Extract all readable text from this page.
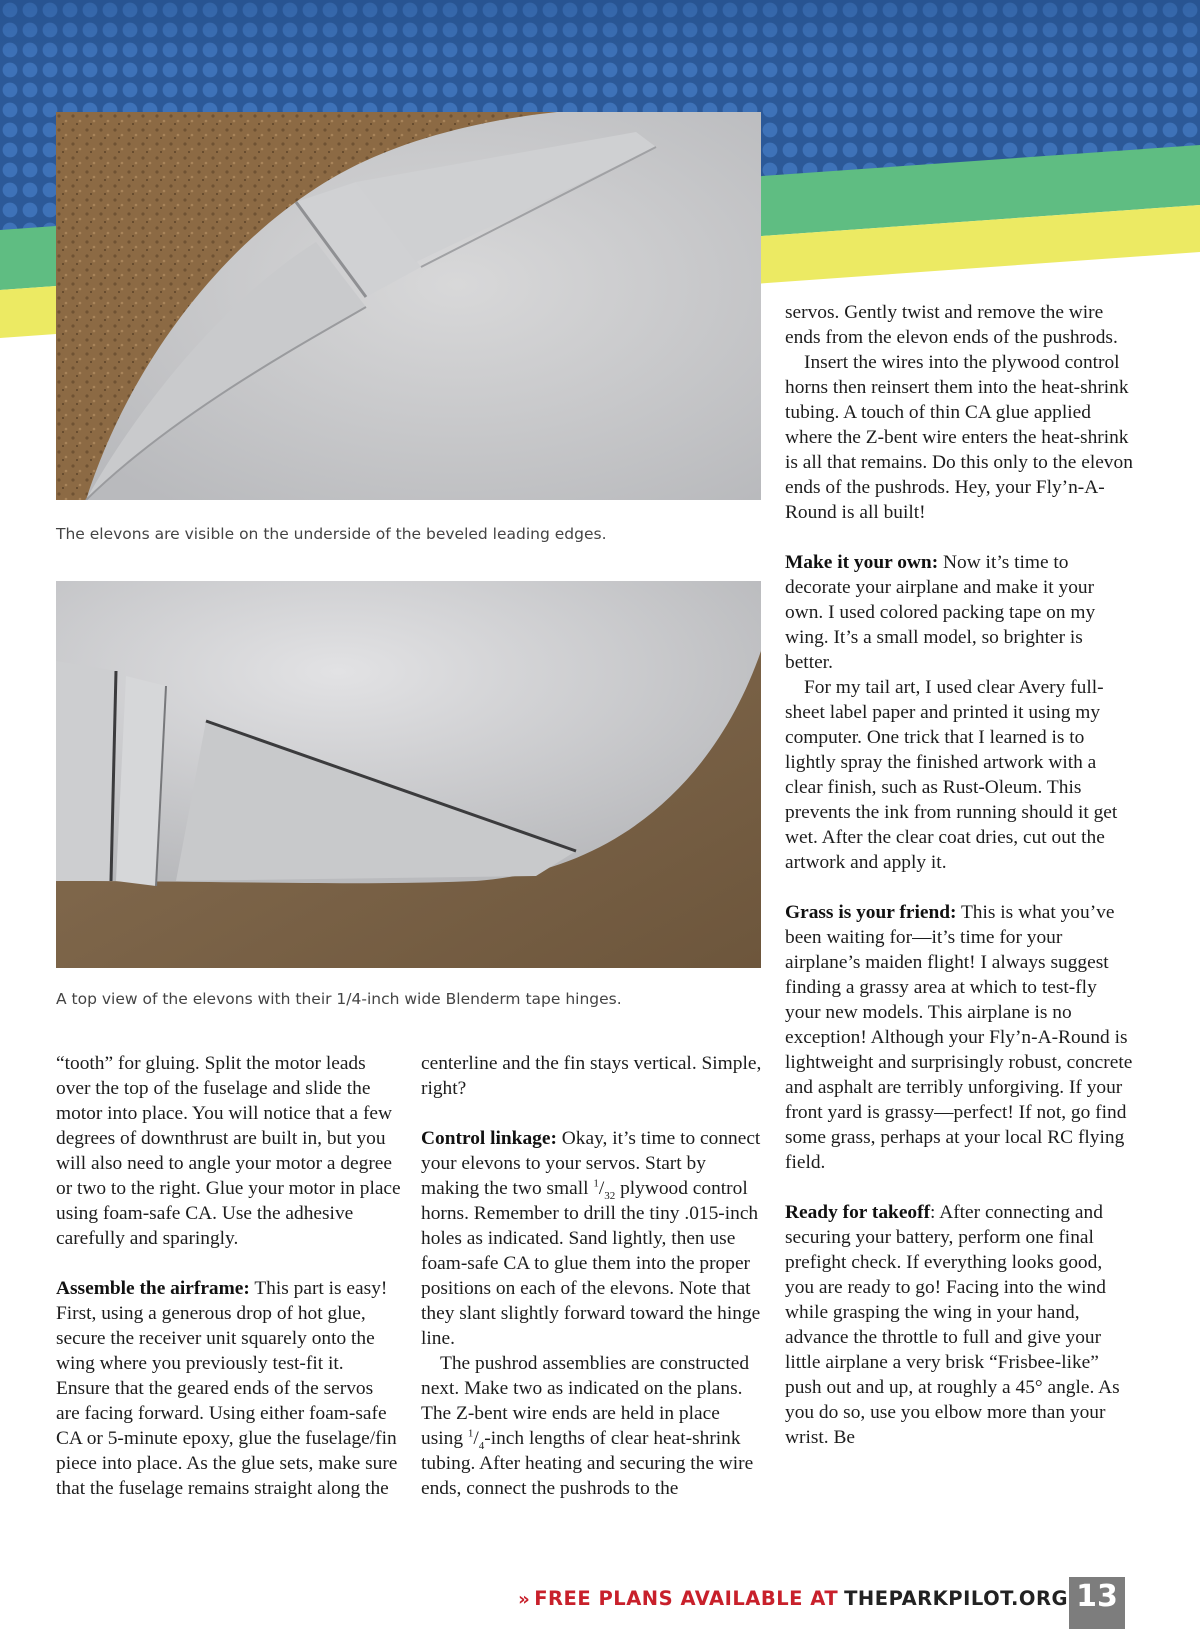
The elevons are visible on the underside of the beveled leading edges.
A top view of the elevons with their 1/4-inch wide Blenderm tape hinges.

servos. Gently twist and remove the wire ends from the elevon ends of the pushrods.

Insert the wires into the plywood control horns then reinsert them into the heat-shrink tubing. A touch of thin CA glue applied where the Z-bent wire enters the heat-shrink is all that remains. Do this only to the elevon ends of the pushrods. Hey, your Fly’n-A-Round is all built!

Make it your own: Now it’s time to decorate your airplane and make it your own. I used colored packing tape on my wing. It’s a small model, so brighter is better.

For my tail art, I used clear Avery full-sheet label paper and printed it using my computer. One trick that I learned is to lightly spray the finished artwork with a clear finish, such as Rust-Oleum. This prevents the ink from running should it get wet. After the clear coat dries, cut out the artwork and apply it.

Grass is your friend: This is what you’ve been waiting for—it’s time for your airplane’s maiden flight! I always suggest finding a grassy area at which to test-fly your new models. This airplane is no exception! Although your Fly’n-A-Round is lightweight and surprisingly robust, concrete and asphalt are terribly unforgiving. If your front yard is grassy—perfect! If not, go find some grass, perhaps at your local RC flying field.

Ready for takeoff: After connecting and securing your battery, perform one final prefight check. If everything looks good, you are ready to go! Facing into the wind while grasping the wing in your hand, advance the throttle to full and give your little airplane a very brisk “Frisbee-like” push out and up, at roughly a 45° angle. As you do so, use you elbow more than your wrist. Be

“tooth” for gluing. Split the motor leads over the top of the fuselage and slide the motor into place. You will notice that a few degrees of downthrust are built in, but you will also need to angle your motor a degree or two to the right. Glue your motor in place using foam-safe CA. Use the adhesive carefully and sparingly.

Assemble the airframe: This part is easy! First, using a generous drop of hot glue, secure the receiver unit squarely onto the wing where you previously test-fit it. Ensure that the geared ends of the servos are facing forward. Using either foam-safe CA or 5-minute epoxy, glue the fuselage/fin piece into place. As the glue sets, make sure that the fuselage remains straight along the

centerline and the fin stays vertical. Simple, right?

Control linkage: Okay, it’s time to connect your elevons to your servos. Start by making the two small $^1/_{32}$ plywood control horns. Remember to drill the tiny .015-inch holes as indicated. Sand lightly, then use foam-safe CA to glue them into the proper positions on each of the elevons. Note that they slant slightly forward toward the hinge line.

The pushrod assemblies are constructed next. Make two as indicated on the plans. The Z-bent wire ends are held in place using $^1/_4$-inch lengths of clear heat-shrink tubing. After heating and securing the wire ends, connect the pushrods to the

» FREE PLANS AVAILABLE AT THEPARKPILOT.ORG 13
